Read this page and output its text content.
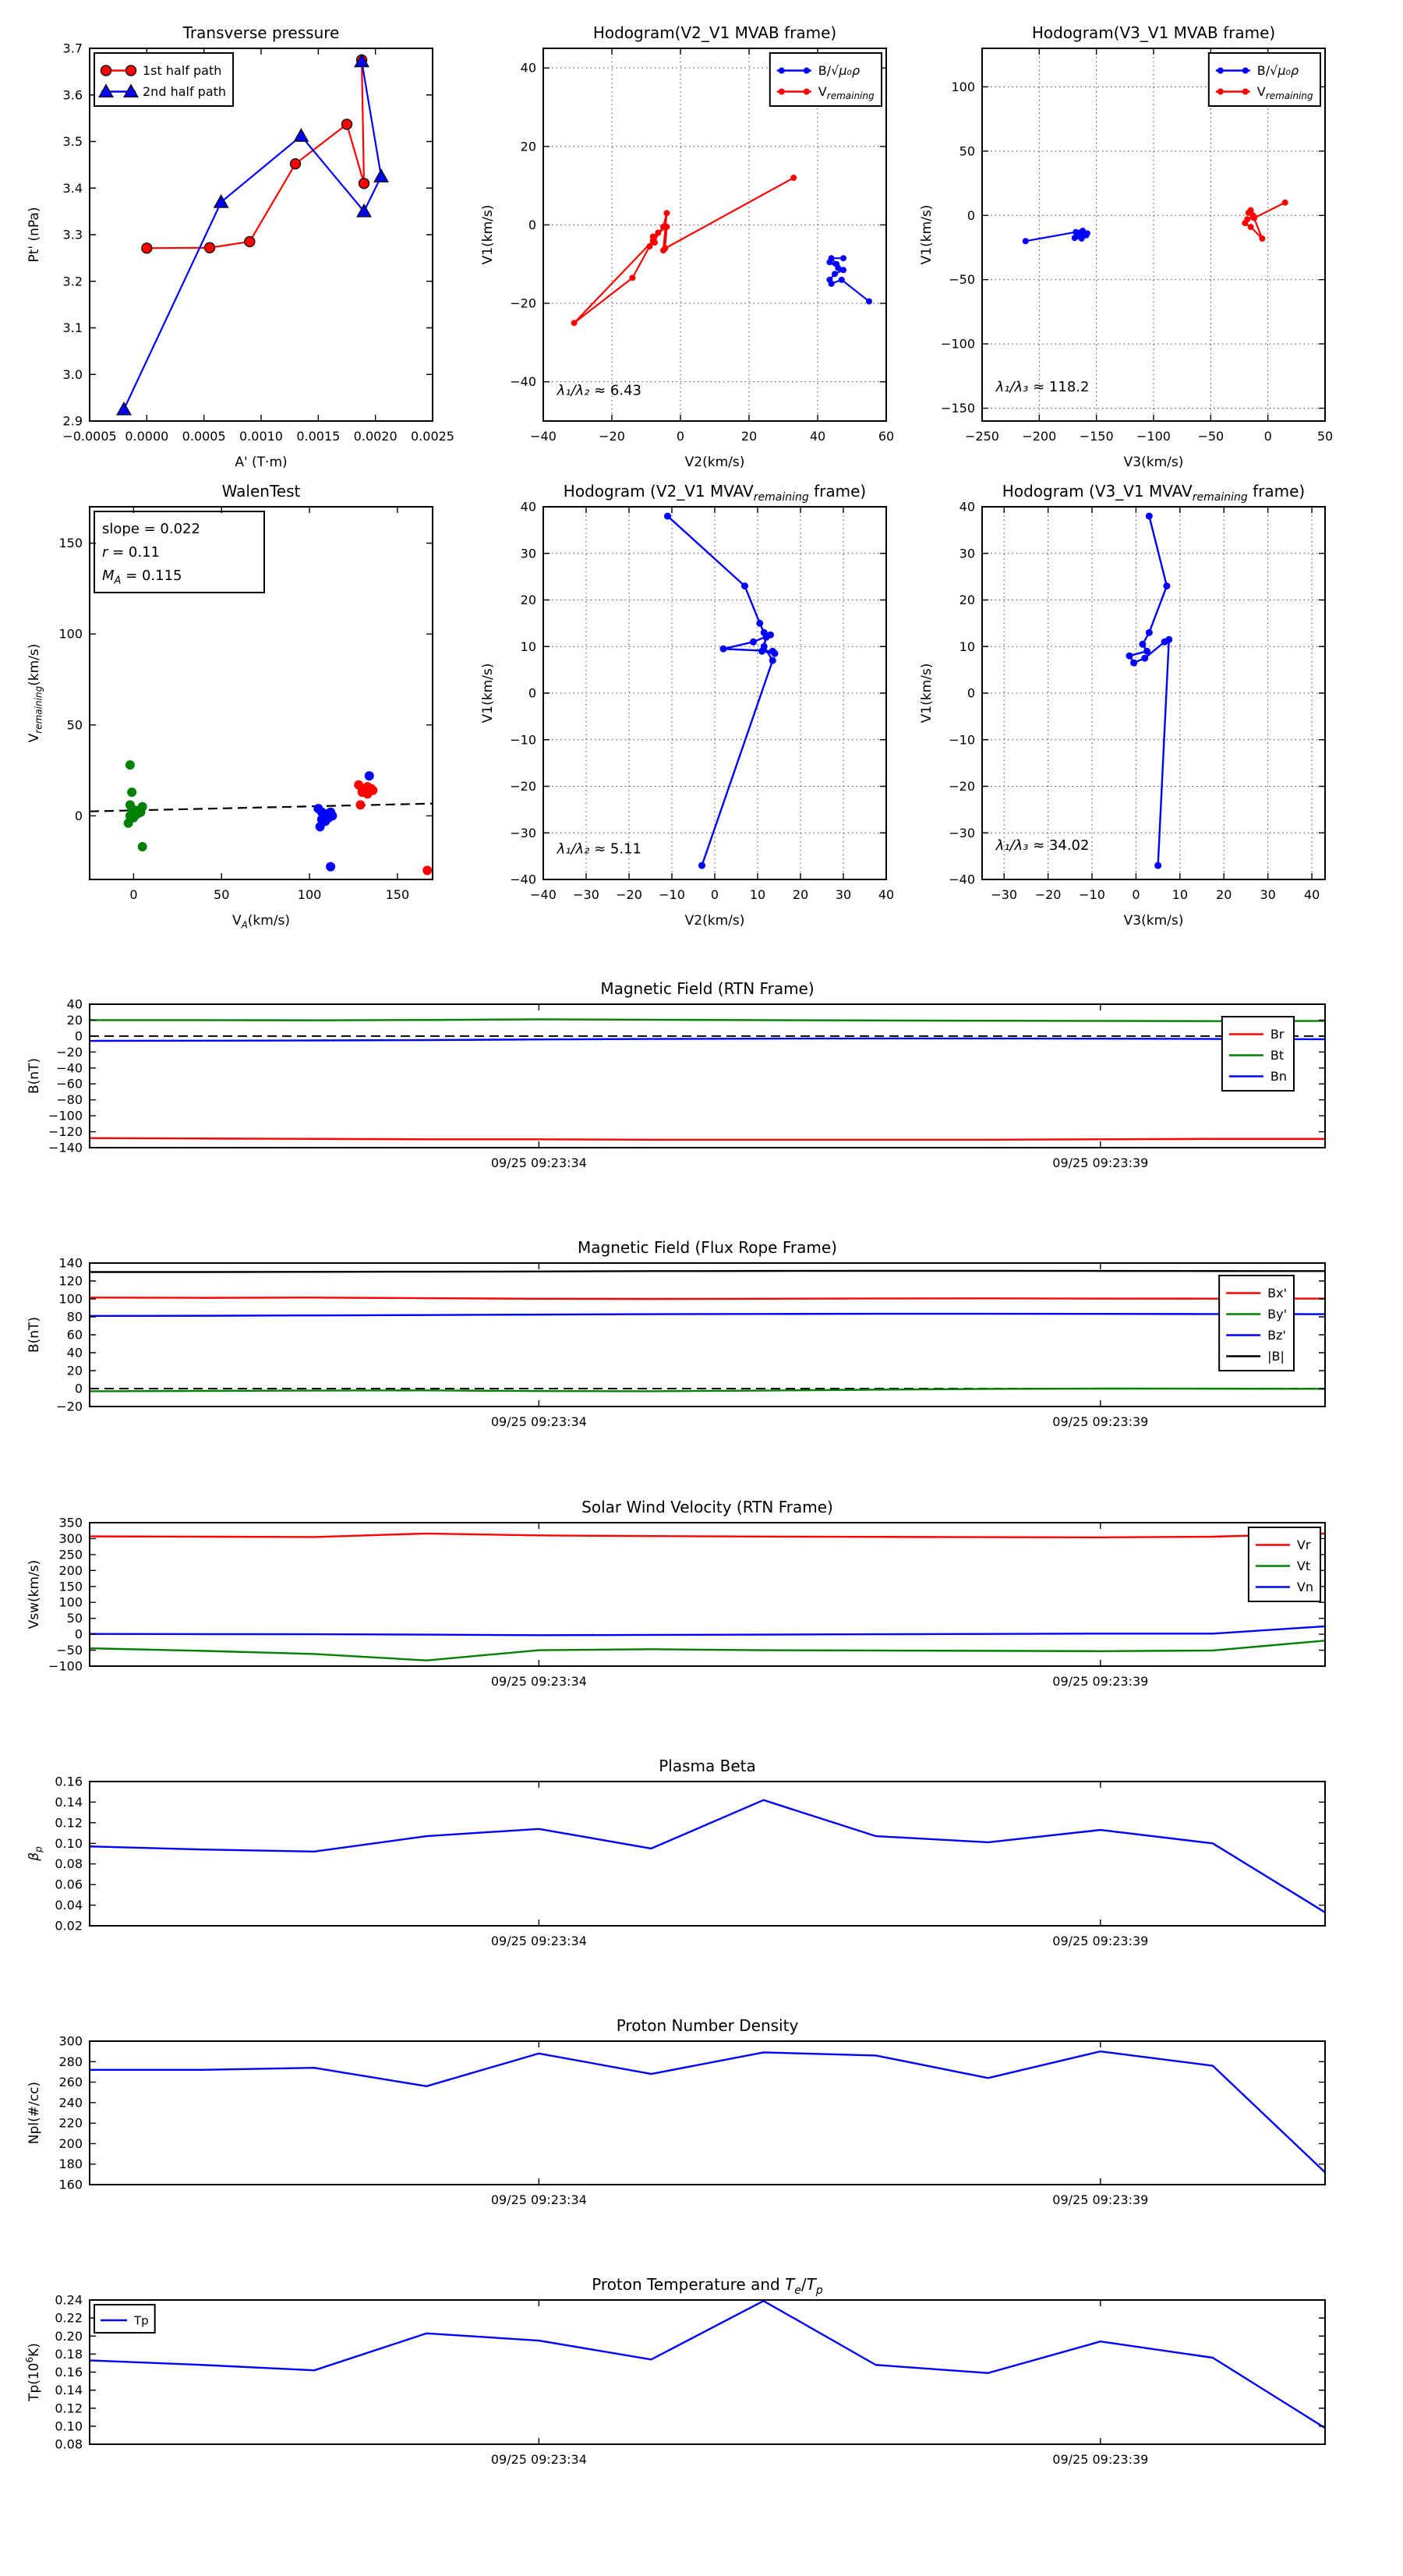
−0.0005 0.0000 0.0005 0.0010 0.0015 0.0020 0.0025
2.9
3.0
3.1
3.2
3.3
3.4
3.5
3.6
3.7
Transverse pressure
A' (T·m)
Pt' (nPa)
1st half path
2nd half path
λ₁/λ₂ ≈ 6.43
−40	−20	0	20	40	60
−40
−20
0
20
40
Hodogram(V2_V1 MVAB frame)
V2(km/s)
V1(km/s)
B/√μ₀ρ
$V_{remaining}$
λ₁/λ₃ ≈ 118.2
−250 −200 −150 −100 −50	0	50
−150
−100
−50
0
50
100
Hodogram(V3_V1 MVAB frame)
V3(km/s)
V1(km/s)
B/√μ₀ρ
$V_{remaining}$
slope = 0.022
r = 0.11
$M_A = 0.115$
0	50	100	150
0
50
100
150
WalenTest
$V_A(km/s)$
$V_{remaining}(km/s)$
λ₁/λ₂ ≈ 5.11
−40 −30 −20 −10 0 10 20 30 40
−40
−30
−20
−10
0
10
20
30
40
Hodogram (V2_V1 $MVAV_{remaining}$ frame)
V2(km/s)
V1(km/s)
λ₁/λ₃ ≈ 34.02
−30 −20 −10 0	10 20 30 40
−40
−30
−20
−10
0
10
20
30
40
Hodogram (V3_V1 $MVAV_{remaining}$ frame)
V3(km/s)
V1(km/s)
09/25 09:23:34	09/25 09:23:39
−140
−120
−100
−80
−60
−40
−20
0
20
40
Magnetic Field (RTN Frame)
B(nT)
Br
Bt
Bn
09/25 09:23:34	09/25 09:23:39
−20
0
20
40
60
80
100
120
140
Magnetic Field (Flux Rope Frame)
B(nT)
Bx'
By'
Bz'
|B|
09/25 09:23:34	09/25 09:23:39
−100
−50
0
50
100
150
200
250
300
350
Solar Wind Velocity (RTN Frame)
Vsw(km/s)
Vr
Vt
Vn
09/25 09:23:34	09/25 09:23:39
0.02
0.04
0.06
0.08
0.10
0.12
0.14
0.16
Plasma Beta
$\beta_p$
09/25 09:23:34	09/25 09:23:39
160
180
200
220
240
260
280
300
Proton Number Density
Npl(#/cc)
09/25 09:23:34	09/25 09:23:39
0.08
0.10
0.12
0.14
0.16
0.18
0.20
0.22
0.24
Proton Temperature and $T_e/T_p$
$Tp(10^6K)$
Tp
